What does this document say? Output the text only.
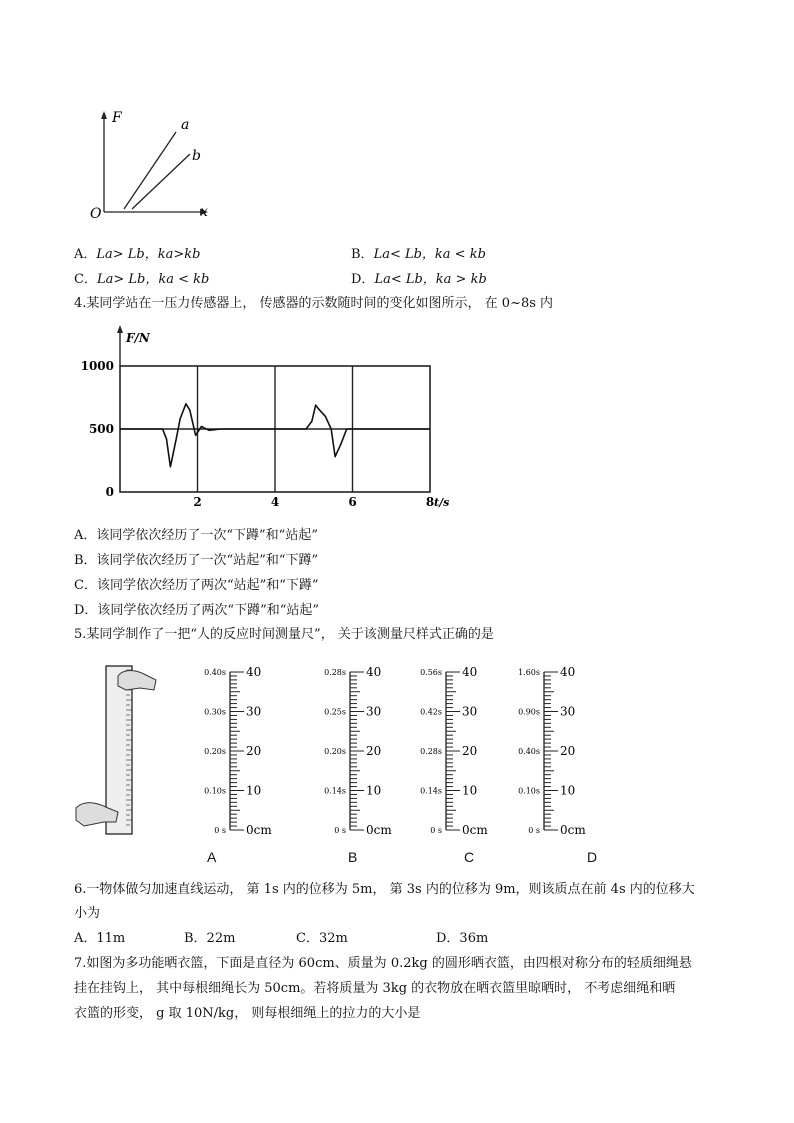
F
x
O
a
b
A．La> Lb，ka>kb	B．La< Lb，ka < kb
C．La> Lb，ka < kb	D．La< Lb，ka > kb
4.某同学站在一压力传感器上， 传感器的示数随时间的变化如图所示， 在 0~8s 内
1000
500
0
2	4	6	8
F/N
t/s
A．该同学依次经历了一次“下蹲”和“站起”
B．该同学依次经历了一次“站起”和“下蹲”
C．该同学依次经历了两次“站起”和“下蹲”
D．该同学依次经历了两次“下蹲”和“站起”
5.某同学制作了一把“人的反应时间测量尺”， 关于该测量尺样式正确的是
40
30
20
10
0cm
0.40s
0.30s
0.20s
0.10s
0 s
40
30
20
10
0cm
0.28s
0.25s
0.20s
0.14s
0 s
40
30
20
10
0cm
0.56s
0.42s
0.28s
0.14s
0 s
40
30
20
10
0cm
1.60s
0.90s
0.40s
0.10s
0 s
A	B	C	D
6.一物体做匀加速直线运动， 第 1s 内的位移为 5m， 第 3s 内的位移为 9m，则该质点在前 4s 内的位移大
小为
A．11m	B．22m	C．32m	D．36m
7.如图为多功能晒衣篮，下面是直径为 60cm、质量为 0.2kg 的圆形晒衣篮，由四根对称分布的轻质细绳悬
挂在挂钩上， 其中每根细绳长为 50cm。若将质量为 3kg 的衣物放在晒衣篮里晾晒时， 不考虑细绳和晒
衣篮的形变， g 取 10N/kg， 则每根细绳上的拉力的大小是
